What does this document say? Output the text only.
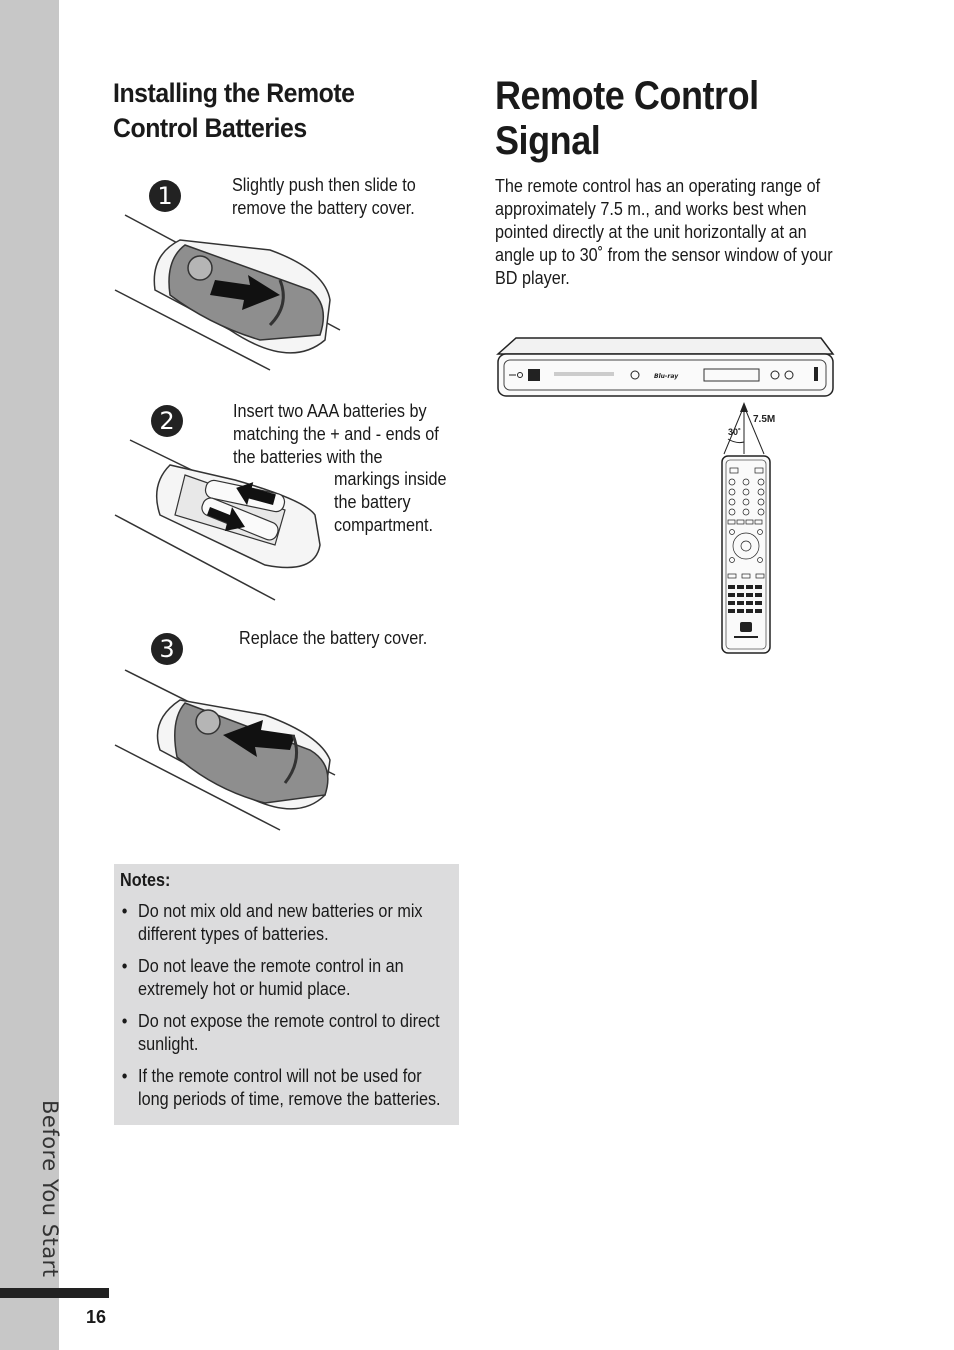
Before You Start
16
Installing the Remote Control Batteries
1	Slightly push then slide to remove the battery cover.
2	Insert two AAA batteries by matching the + and - ends of the batteries with the
markings inside the battery compartment.
3	Replace the battery cover.
Notes:
• Do not mix old and new batteries or mix different types of batteries.
• Do not leave the remote control in an extremely hot or humid place.
• Do not expose the remote control to direct sunlight.
• If the remote control will not be used for long periods of time, remove the batteries.
Remote Control Signal
The remote control has an operating range of approximately 7.5 m., and works best when pointed directly at the unit horizontally at an angle up to 30˚ from the sensor window of your BD player.
Blu-ray
7.5M
30˚
